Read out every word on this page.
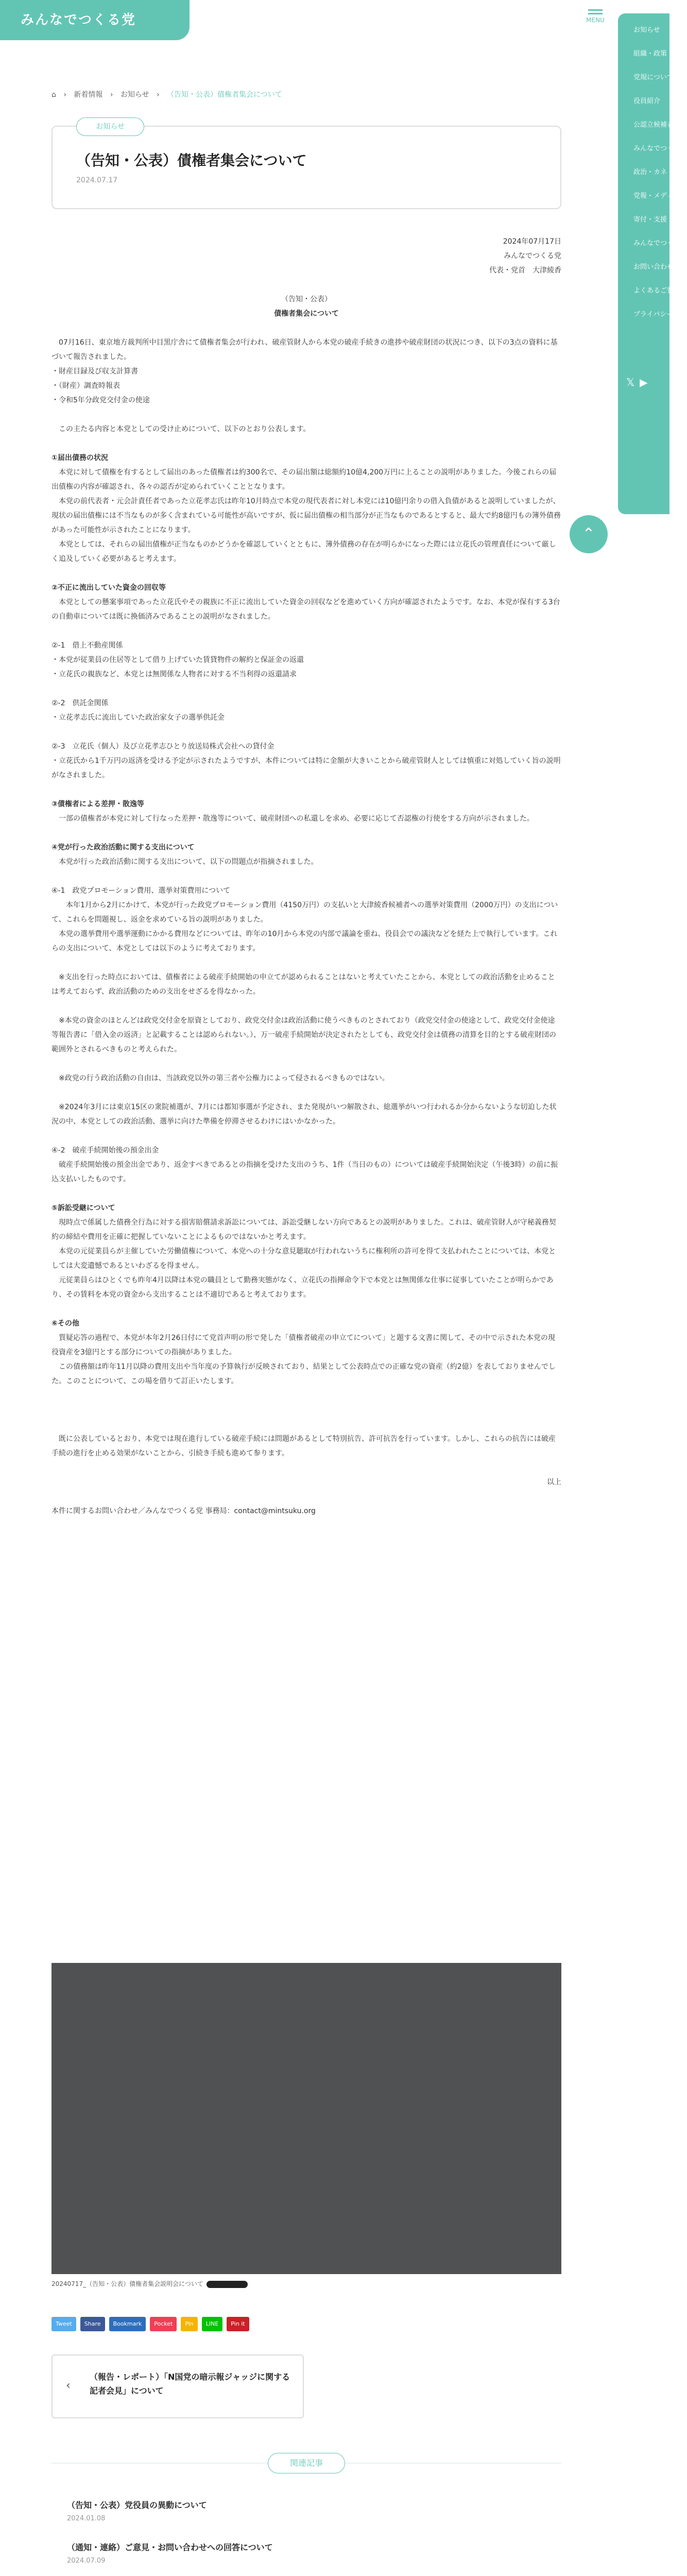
みんなでつくる党	MENU
お知らせ
組織・政策
党規について
役員紹介
公認立候補者
みんなでつくる党
政治・カネ
党報・メディア
寄付・支援
みんなでつくる党
お問い合わせ
よくあるご質問
プライバシー
𝕏 ▶
⌃
⌂ › 新着情報 › お知らせ › （告知・公表）債権者集会について
お知らせ
（告知・公表）債権者集会について
2024.07.17

2024年07月17日

みんなでつくる党

代表・党首　大津綾香

（告知・公表）

債権者集会について

　07月16日、東京地方裁判所中目黒庁舎にて債権者集会が行われ、破産管財人から本党の破産手続きの進捗や破産財団の状況につき、以下の3点の資料に基づいて報告されました。

・財産目録及び収支計算書

・（財産）調査時報表

・令和5年分政党交付金の使途

　この主たる内容と本党としての受け止めについて、以下のとおり公表します。

①届出債務の状況

　本党に対して債権を有するとして届出のあった債権者は約300名で、その届出額は総額約10億4,200万円に上ることの説明がありました。今後これらの届出債権の内容が確認され、各々の認否が定められていくこととなります。

　本党の前代表者・元会計責任者であった立花孝志氏は昨年10月時点で本党の現代表者に対し本党には10億円余りの借入負債があると説明していましたが、現状の届出債権には不当なものが多く含まれている可能性が高いですが、仮に届出債権の相当部分が正当なものであるとすると、最大で約8億円もの簿外債務があった可能性が示されたことになります。

　本党としては、それらの届出債権が正当なものかどうかを確認していくとともに、簿外債務の存在が明らかになった際には立花氏の管理責任について厳しく追及していく必要があると考えます。

②不正に流出していた資金の回収等

　本党としての懸案事項であった立花氏やその親族に不正に流出していた資金の回収などを進めていく方向が確認されたようです。なお、本党が保有する3台の自動車については既に換価済みであることの説明がなされました。

②-1　借上不動産関係

・本党が従業員の住居等として借り上げていた賃貸物件の解約と保証金の返還

・立花氏の親族など、本党とは無関係な人物者に対する不当利得の返還請求

②-2　供託金関係

・立花孝志氏に流出していた政治家女子の選挙供託金

②-3　立花氏（個人）及び立花孝志ひとり放送局株式会社への貸付金

・立花氏から1千万円の返済を受ける予定が示されたようですが、本件については特に金額が大きいことから破産管財人としては慎重に対処していく旨の説明がなされました。

③債権者による差押・散逸等

　一部の債権者が本党に対して行なった差押・散逸等について、破産財団への私還しを求め、必要に応じて否認権の行使をする方向が示されました。

④党が行った政治活動に関する支出について

　本党が行った政治活動に関する支出について、以下の問題点が指摘されました。

④-1　政党プロモーション費用、選挙対策費用について

　　本年1月から2月にかけて、本党が行った政党プロモーション費用（4150万円）の支払いと大津綾香候補者への選挙対策費用（2000万円）の支出について、これらを問題視し、返金を求めている旨の説明がありました。

　本党の選挙費用や選挙運動にかかる費用などについては、昨年の10月から本党の内部で議論を重ね、役員会での議決などを経た上で執行しています。これらの支出について、本党としては以下のように考えております。

　※支出を行った時点においては、債権者による破産手続開始の申立てが認められることはないと考えていたことから、本党としての政治活動を止めることは考えておらず、政治活動のための支出をせざるを得なかった。

　※本党の資金のほとんどは政党交付金を原資としており、政党交付金は政治活動に使うべきものとされており（政党交付金の使途として、政党交付金使途等報告書に「借入金の返済」と記載することは認められない。）、万一破産手続開始が決定されたとしても、政党交付金は債務の清算を目的とする破産財団の範囲外とされるべきものと考えられた。

　※政党の行う政治活動の自由は、当該政党以外の第三者や公権力によって侵されるべきものではない。

　※2024年3月には東京15区の衆院補選が、7月には都知事選が予定され、また発現がいつ解散され、総選挙がいつ行われるか分からないような切迫した状況の中、本党としての政治活動、選挙に向けた準備を停滞させるわけにはいかなかった。

④-2　破産手続開始後の預金出金

　破産手続開始後の預金出金であり、返金すべきであるとの指摘を受けた支出のうち、1件（当日のもの）については破産手続開始決定（午後3時）の前に振込支払いしたものです。

⑤訴訟受継について

　現時点で係属した債務全行為に対する損害賠償請求訴訟については、訴訟受継しない方向であるとの説明がありました。これは、破産管財人が守秘義務契約の締結や費用を正確に把握していないことによるものではないかと考えます。

　本党の元従業員らが主催していた労働債権について、本党への十分な意見聴取が行われないうちに権利所の許可を得て支払われたことについては、本党としては大変遺憾であるといわざるを得ません。

　元従業員らはひとくでも昨年4月以降は本党の職員として勤務実態がなく、立花氏の指揮命令下で本党とは無関係な仕事に従事していたことが明らかであり、その賃料を本党の資金から支出することは不適切であると考えております。

⑥その他

　質疑応答の過程で、本党が本年2月26日付にて党首声明の形で発した「債権者破産の申立てについて」と題する文書に関して、その中で示された本党の現役資産を3億円とする部分についての指摘がありました。

　この債務額は昨年11月以降の費用支出や当年度の予算執行が反映されており、結果として公表時点での正確な党の資産（約2億）を表しておりませんでした。このことについて、この場を借りて訂正いたします。

　既に公表しているとおり、本党では現在進行している破産手続には問題があるとして特別抗告、許可抗告を行っています。しかし、これらの抗告には破産手続の進行を止める効果がないことから、引続き手続も進めて参ります。

以上

本件に関するお問い合わせ／みんなでつくる党 事務局：contact@mintsuku.org

20240717_（告知・公表）債権者集会説明会について
Tweet Share Bookmark Pocket Pin LINE Pin it
‹
（報告・レポート）「N国党の暗示報ジャッジに関する記者会見」について
関連記事
（告知・公表）党役員の異動について
2024.01.08
（通知・連絡）ご意見・お問い合わせへの回答について
2024.07.09
